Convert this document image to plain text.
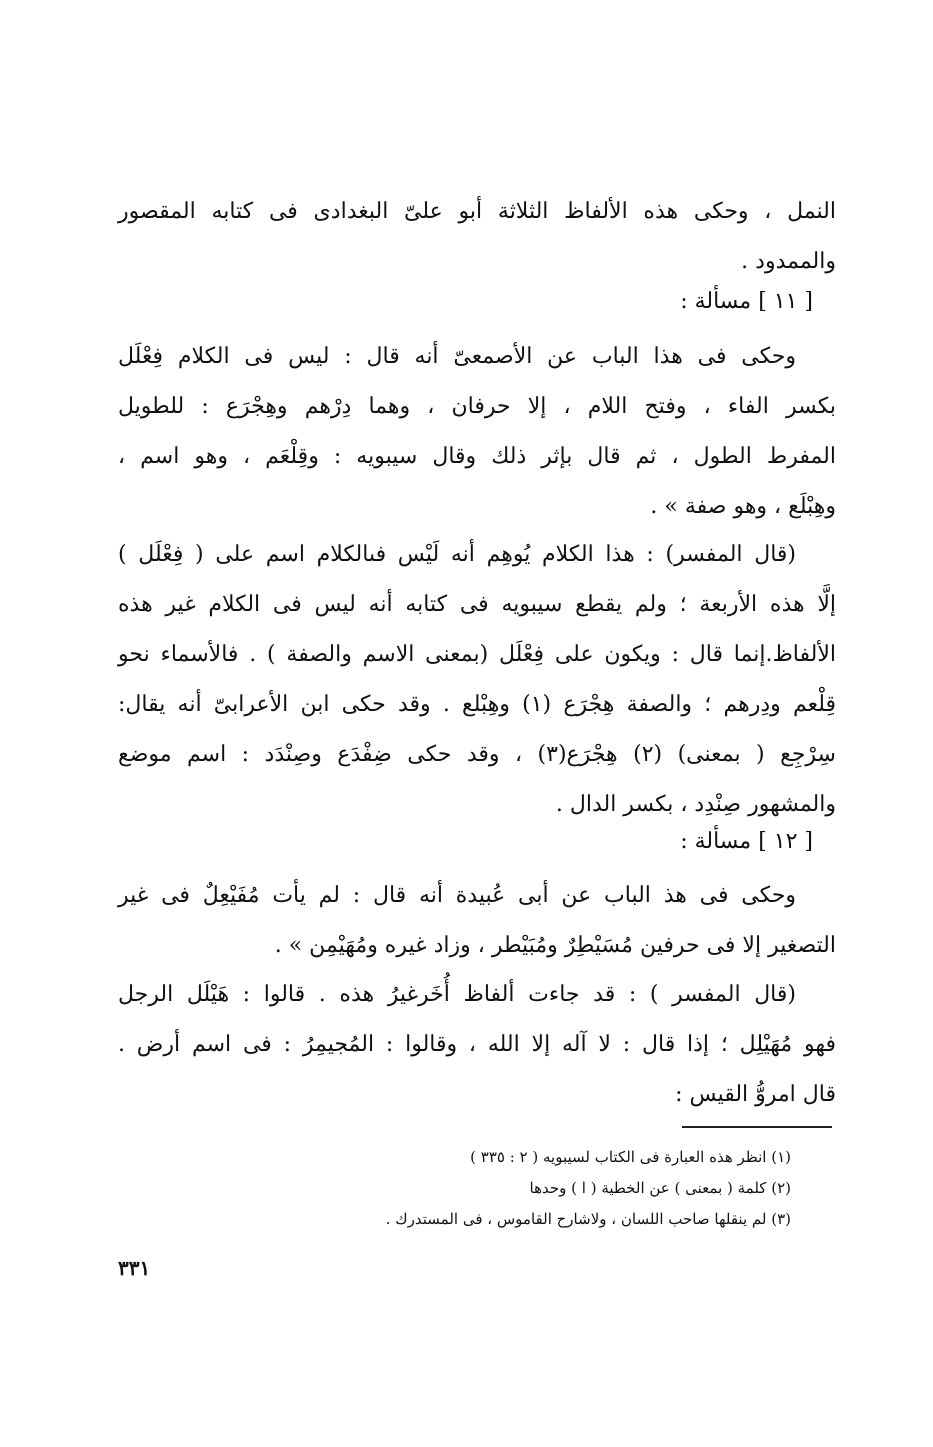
النمل ، وحكى هذه الألفاظ الثلاثة أبو علىّ البغدادى فى كتابه المقصور
والممدود .
[ ١١ ] مسألة :
وحكى فى هذا الباب عن الأصمعىّ أنه قال : ليس فى الكلام فِعْلَل
بكسر الفاء ، وفتح اللام ، إلا حرفان ، وهما دِرْهم وهِجْرَع : للطويل
المفرط الطول ، ثم قال بإثر ذلك وقال سيبويه : وقِلْعَم ، وهو اسم ،
وهِبْلَع ، وهو صفة » .
(قال المفسر) : هذا الكلام يُوهِم أنه لَيْس فىالكلام اسم على ( فِعْلَل )
إلَّا هذه الأربعة ؛ ولم يقطع سيبويه فى كتابه أنه ليس فى الكلام غير هذه
الألفاظ.إنما قال : ويكون على فِعْلَل (بمعنى الاسم والصفة ) . فالأسماء نحو
قِلْعم ودِرهم ؛ والصفة هِجْرَع (١) وهِبْلع . وقد حكى ابن الأعرابىّ أنه يقال:
سِرْجِع ( بمعنى) (٢) هِجْرَع(٣) ، وقد حكى ضِفْدَع وصِنْدَد : اسم موضع
والمشهور صِنْدِد ، بكسر الدال .
[ ١٢ ] مسألة :
وحكى فى هذ الباب عن أبى عُبيدة أنه قال : لم يأت مُفَيْعِلٌ فى غير
التصغير إلا فى حرفين مُسَيْطِرٌ ومُبَيْطر ، وزاد غيره ومُهَيْمِن » .
(قال المفسر ) : قد جاءت ألفاظ أُخَرغيرُ هذه . قالوا : هَيْلَل الرجل
فهو مُهَيْلِل ؛ إذا قال : لا آله إلا الله ، وقالوا : المُجيمِرُ : فى اسم أرض .
قال امروُّ القيس :
(١) انظر هذه العبارة فى الكتاب لسيبويه ( ٢ : ٣٣٥ )
(٢) كلمة ( بمعنى ) عن الخطية ( ا ) وحدها
(٣) لم ينقلها صاحب اللسان ، ولاشارح القاموس ، فى المستدرك .
٣٣١
